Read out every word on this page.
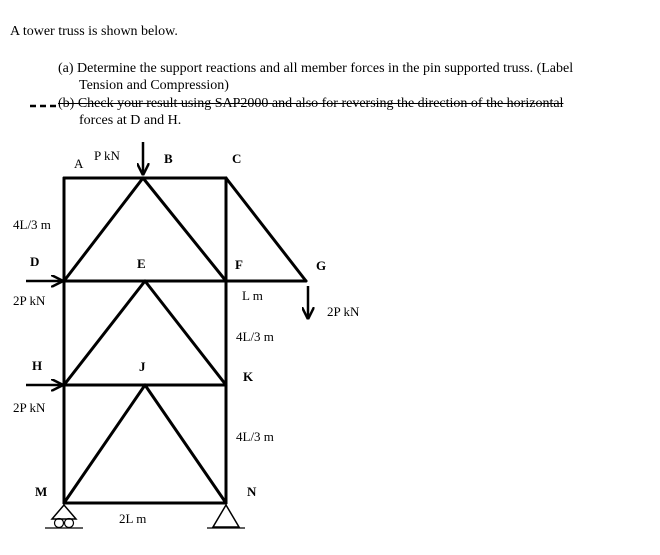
A tower truss is shown below.
(a) Determine the support reactions and all member forces in the pin supported truss. (Label
Tension and Compression)
(b) Check your result using SAP2000 and also for reversing the direction of the horizontal
forces at D and H.
A	B	C
D	E	F	G
H	J
K
M	N
P kN
2P kN
2P kN
2P kN
4L/3 m
L m
4L/3 m
4L/3 m
2L m
